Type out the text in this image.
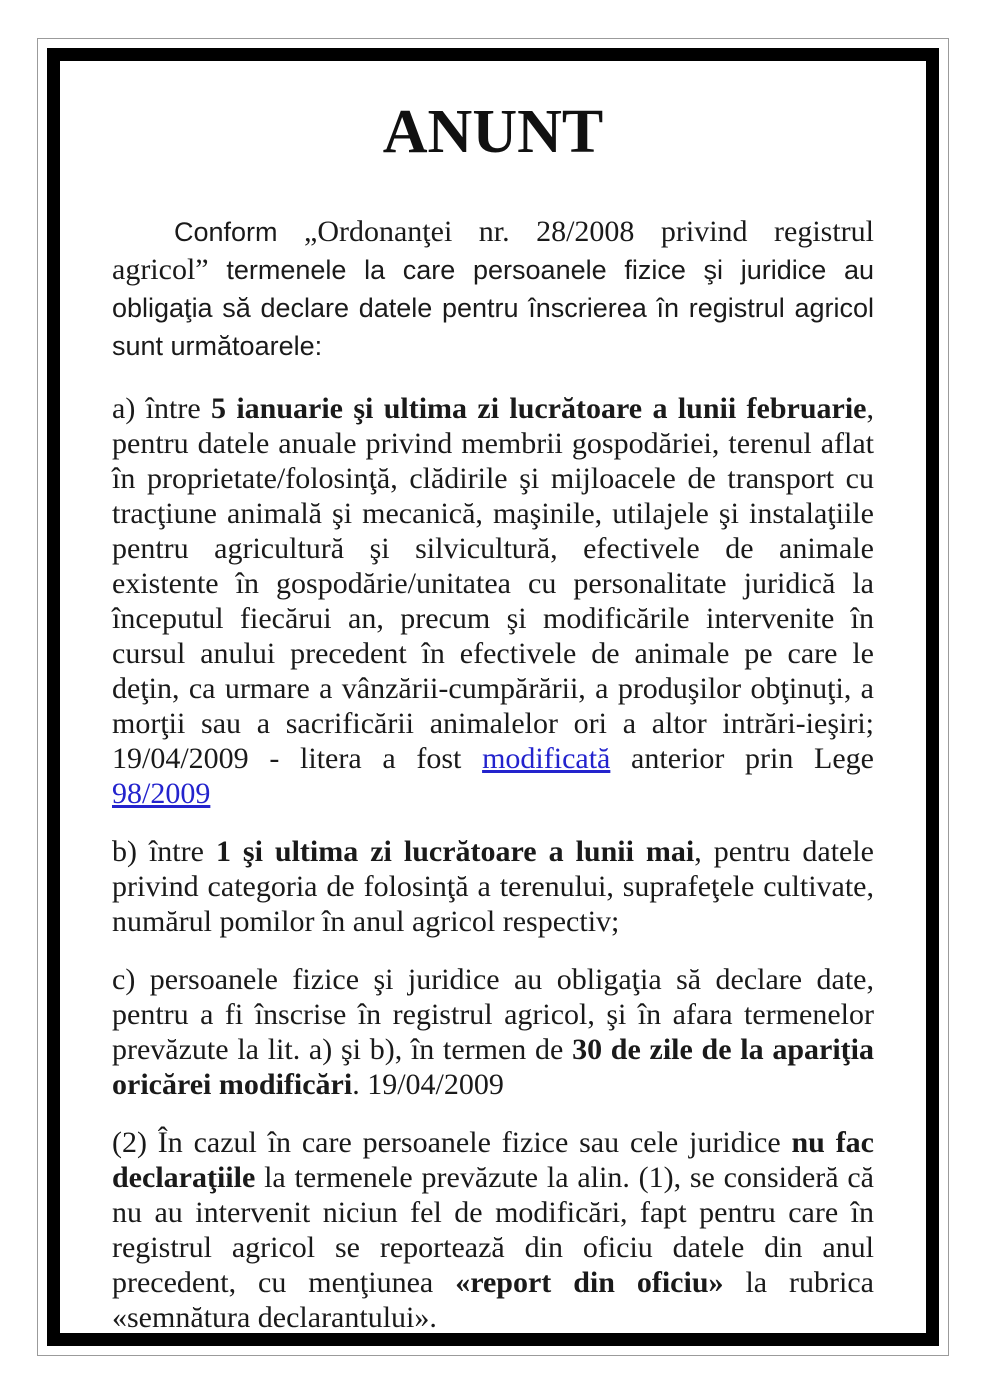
ANUNT

Conform „Ordonanţei nr. 28/2008 privind registrul agricol” termenele la care persoanele fizice şi juridice au obligaţia să declare datele pentru înscrierea în registrul agricol sunt următoarele:

a) între 5 ianuarie şi ultima zi lucrătoare a lunii februarie, pentru datele anuale privind membrii gospodăriei, terenul aflat în proprietate/folosinţă, clădirile şi mijloacele de transport cu tracţiune animală şi mecanică, maşinile, utilajele şi instalaţiile pentru agricultură şi silvicultură, efectivele de animale existente în gospodărie/unitatea cu personalitate juridică la începutul fiecărui an, precum şi modificările intervenite în cursul anului precedent în efectivele de animale pe care le deţin, ca urmare a vânzării-cumpărării, a produşilor obţinuţi, a morţii sau a sacrificării animalelor ori a altor intrări-ieşiri; 19/04/2009 - litera a fost modificată anterior prin Lege 98/2009

b) între 1 şi ultima zi lucrătoare a lunii mai, pentru datele privind categoria de folosinţă a terenului, suprafeţele cultivate, numărul pomilor în anul agricol respectiv;

c) persoanele fizice şi juridice au obligaţia să declare date, pentru a fi înscrise în registrul agricol, şi în afara termenelor prevăzute la lit. a) şi b), în termen de 30 de zile de la apariţia oricărei modificări. 19/04/2009

(2) În cazul în care persoanele fizice sau cele juridice nu fac declaraţiile la termenele prevăzute la alin. (1), se consideră că nu au intervenit niciun fel de modificări, fapt pentru care în registrul agricol se reportează din oficiu datele din anul precedent, cu menţiunea «report din oficiu» la rubrica «semnătura declarantului».
